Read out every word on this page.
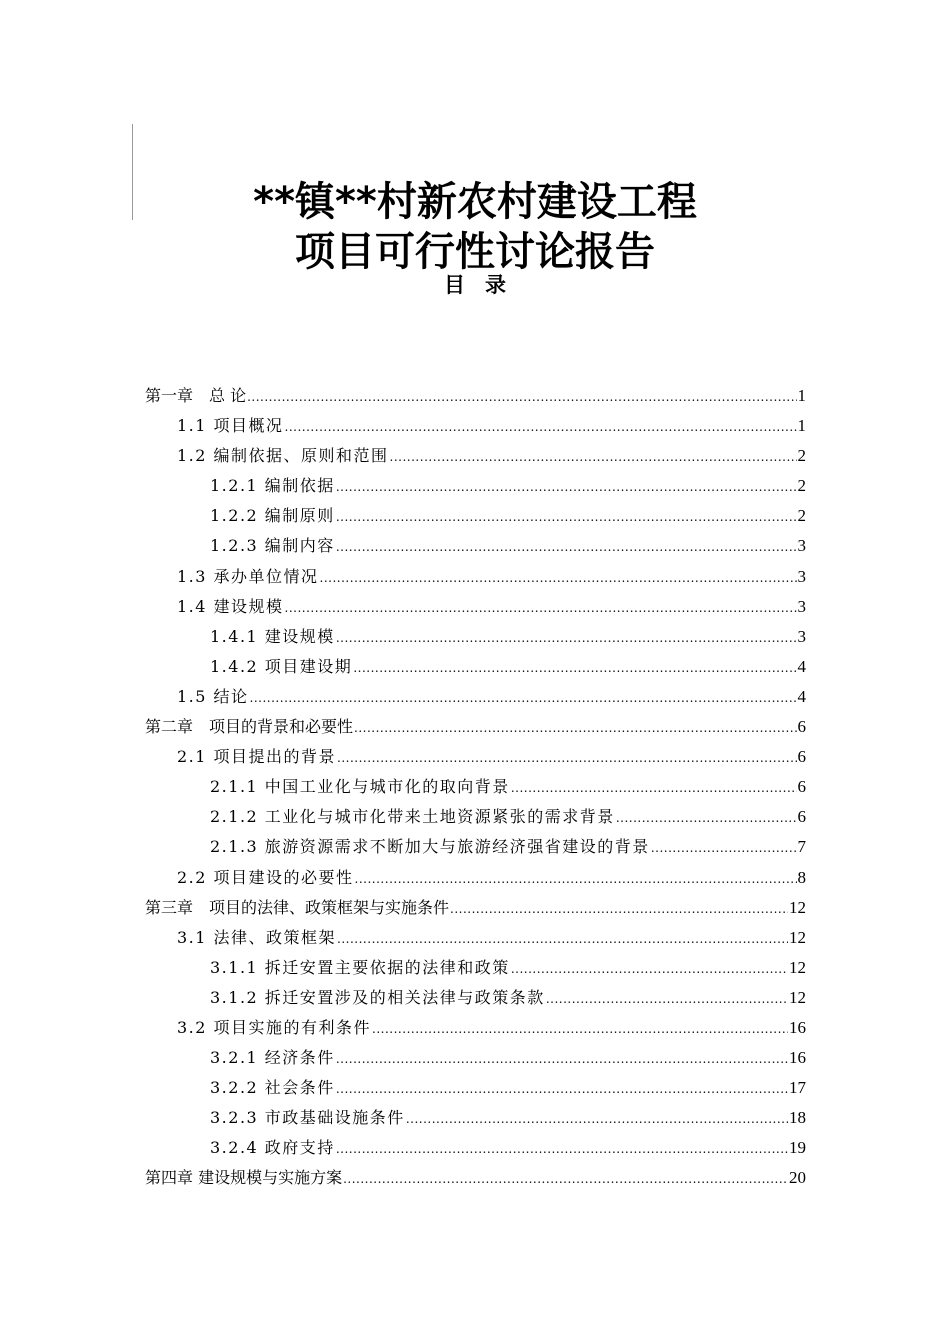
**镇**村新农村建设工程
项目可行性讨论报告
目录
第一章　总 论 .....	1
1.1 项目概况 .....	1
1.2 编制依据、原则和范围 .....	2
1.2.1 编制依据 .....	2
1.2.2 编制原则 .....	2
1.2.3 编制内容 .....	3
1.3 承办单位情况 .....	3
1.4 建设规模 .....	3
1.4.1 建设规模 .....	3
1.4.2 项目建设期 .....	4
1.5 结论 .....	4
第二章　项目的背景和必要性 .....	6
2.1 项目提出的背景 .....	6
2.1.1 中国工业化与城市化的取向背景 .....	6
2.1.2 工业化与城市化带来土地资源紧张的需求背景 .....	6
2.1.3 旅游资源需求不断加大与旅游经济强省建设的背景 .....	7
2.2 项目建设的必要性 .....	8
第三章　项目的法律、政策框架与实施条件 .....	12
3.1 法律、政策框架 .....	12
3.1.1 拆迁安置主要依据的法律和政策 .....	12
3.1.2 拆迁安置涉及的相关法律与政策条款 .....	12
3.2 项目实施的有利条件 .....	16
3.2.1 经济条件 .....	16
3.2.2 社会条件 .....	17
3.2.3 市政基础设施条件 .....	18
3.2.4 政府支持 .....	19
第四章 建设规模与实施方案 .....	20
